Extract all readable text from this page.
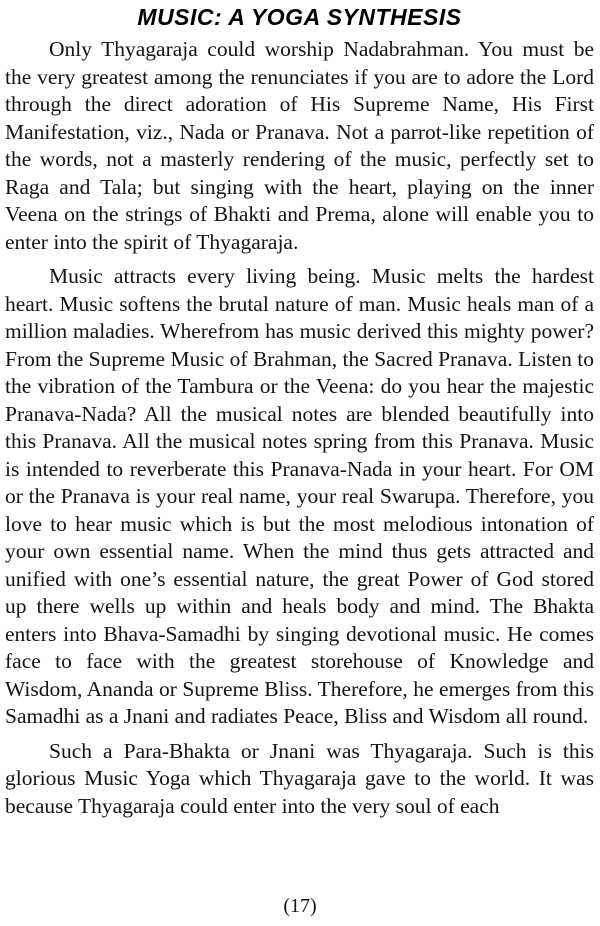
MUSIC: A YOGA SYNTHESIS

Only Thyagaraja could worship Nadabrahman. You must be the very greatest among the renunciates if you are to adore the Lord through the direct adoration of His Supreme Name, His First Manifestation, viz., Nada or Pranava. Not a parrot-like repetition of the words, not a masterly rendering of the music, perfectly set to Raga and Tala; but singing with the heart, playing on the inner Veena on the strings of Bhakti and Prema, alone will enable you to enter into the spirit of Thyagaraja.

Music attracts every living being. Music melts the hardest heart. Music softens the brutal nature of man. Music heals man of a million maladies. Wherefrom has music derived this mighty power? From the Supreme Music of Brahman, the Sacred Pranava. Listen to the vibration of the Tambura or the Veena: do you hear the majestic Pranava-Nada? All the musical notes are blended beautifully into this Pranava. All the musical notes spring from this Pranava. Music is intended to reverberate this Pranava-Nada in your heart. For OM or the Pranava is your real name, your real Swarupa. Therefore, you love to hear music which is but the most melodious intonation of your own essential name. When the mind thus gets attracted and unified with one’s essential nature, the great Power of God stored up there wells up within and heals body and mind. The Bhakta enters into Bhava-Samadhi by singing devotional music. He comes face to face with the greatest storehouse of Knowledge and Wisdom, Ananda or Supreme Bliss. Therefore, he emerges from this Samadhi as a Jnani and radiates Peace, Bliss and Wisdom all round.

Such a Para-Bhakta or Jnani was Thyagaraja. Such is this glorious Music Yoga which Thyagaraja gave to the world. It was because Thyagaraja could enter into the very soul of each

(17)
